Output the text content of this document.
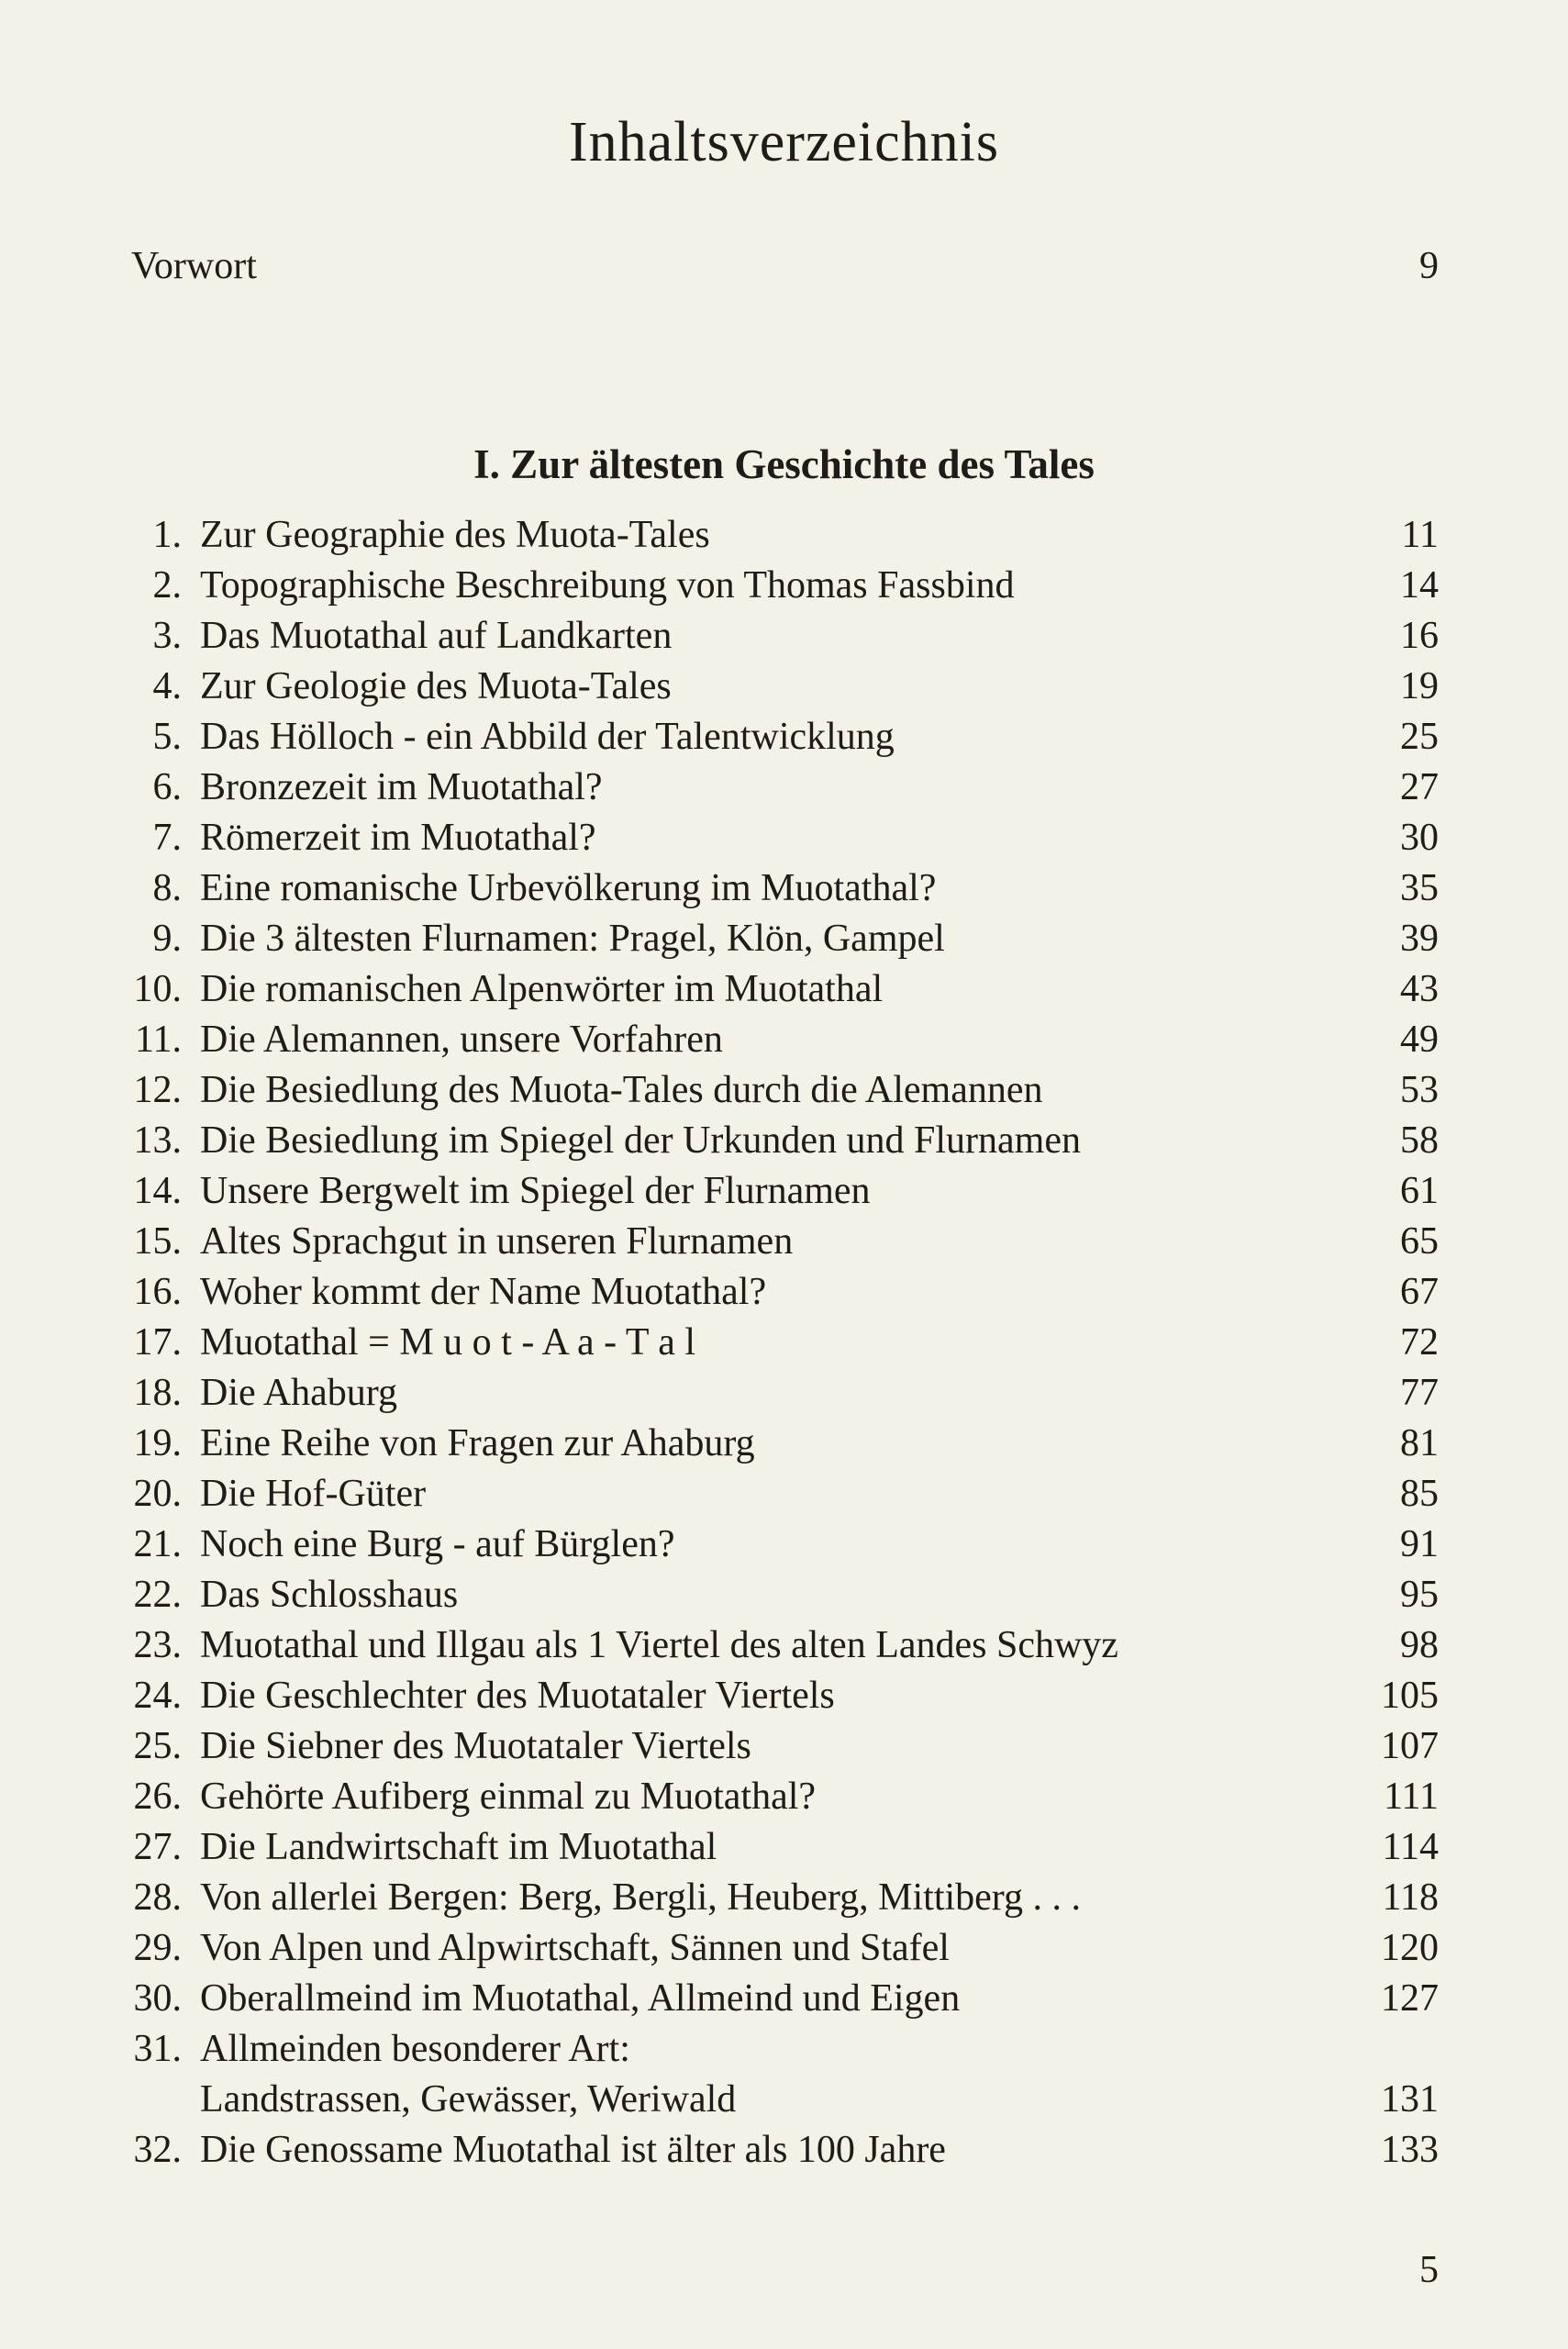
Inhaltsverzeichnis
Vorwort	9
I. Zur ältesten Geschichte des Tales
1. Zur Geographie des Muota-Tales	11
2. Topographische Beschreibung von Thomas Fassbind	14
3. Das Muotathal auf Landkarten	16
4. Zur Geologie des Muota-Tales	19
5. Das Hölloch - ein Abbild der Talentwicklung	25
6. Bronzezeit im Muotathal?	27
7. Römerzeit im Muotathal?	30
8. Eine romanische Urbevölkerung im Muotathal?	35
9. Die 3 ältesten Flurnamen: Pragel, Klön, Gampel	39
10. Die romanischen Alpenwörter im Muotathal	43
11. Die Alemannen, unsere Vorfahren	49
12. Die Besiedlung des Muota-Tales durch die Alemannen	53
13. Die Besiedlung im Spiegel der Urkunden und Flurnamen	58
14. Unsere Bergwelt im Spiegel der Flurnamen	61
15. Altes Sprachgut in unseren Flurnamen	65
16. Woher kommt der Name Muotathal?	67
17. Muotathal = M u o t - A a - T a l	72
18. Die Ahaburg	77
19. Eine Reihe von Fragen zur Ahaburg	81
20. Die Hof-Güter	85
21. Noch eine Burg - auf Bürglen?	91
22. Das Schlosshaus	95
23. Muotathal und Illgau als 1 Viertel des alten Landes Schwyz	98
24. Die Geschlechter des Muotataler Viertels	105
25. Die Siebner des Muotataler Viertels	107
26. Gehörte Aufiberg einmal zu Muotathal?	111
27. Die Landwirtschaft im Muotathal	114
28. Von allerlei Bergen: Berg, Bergli, Heuberg, Mittiberg . . .	118
29. Von Alpen und Alpwirtschaft, Sännen und Stafel	120
30. Oberallmeind im Muotathal, Allmeind und Eigen	127
31. Allmeinden besonderer Art:
Landstrassen, Gewässer, Weriwald	131
32. Die Genossame Muotathal ist älter als 100 Jahre	133
5
